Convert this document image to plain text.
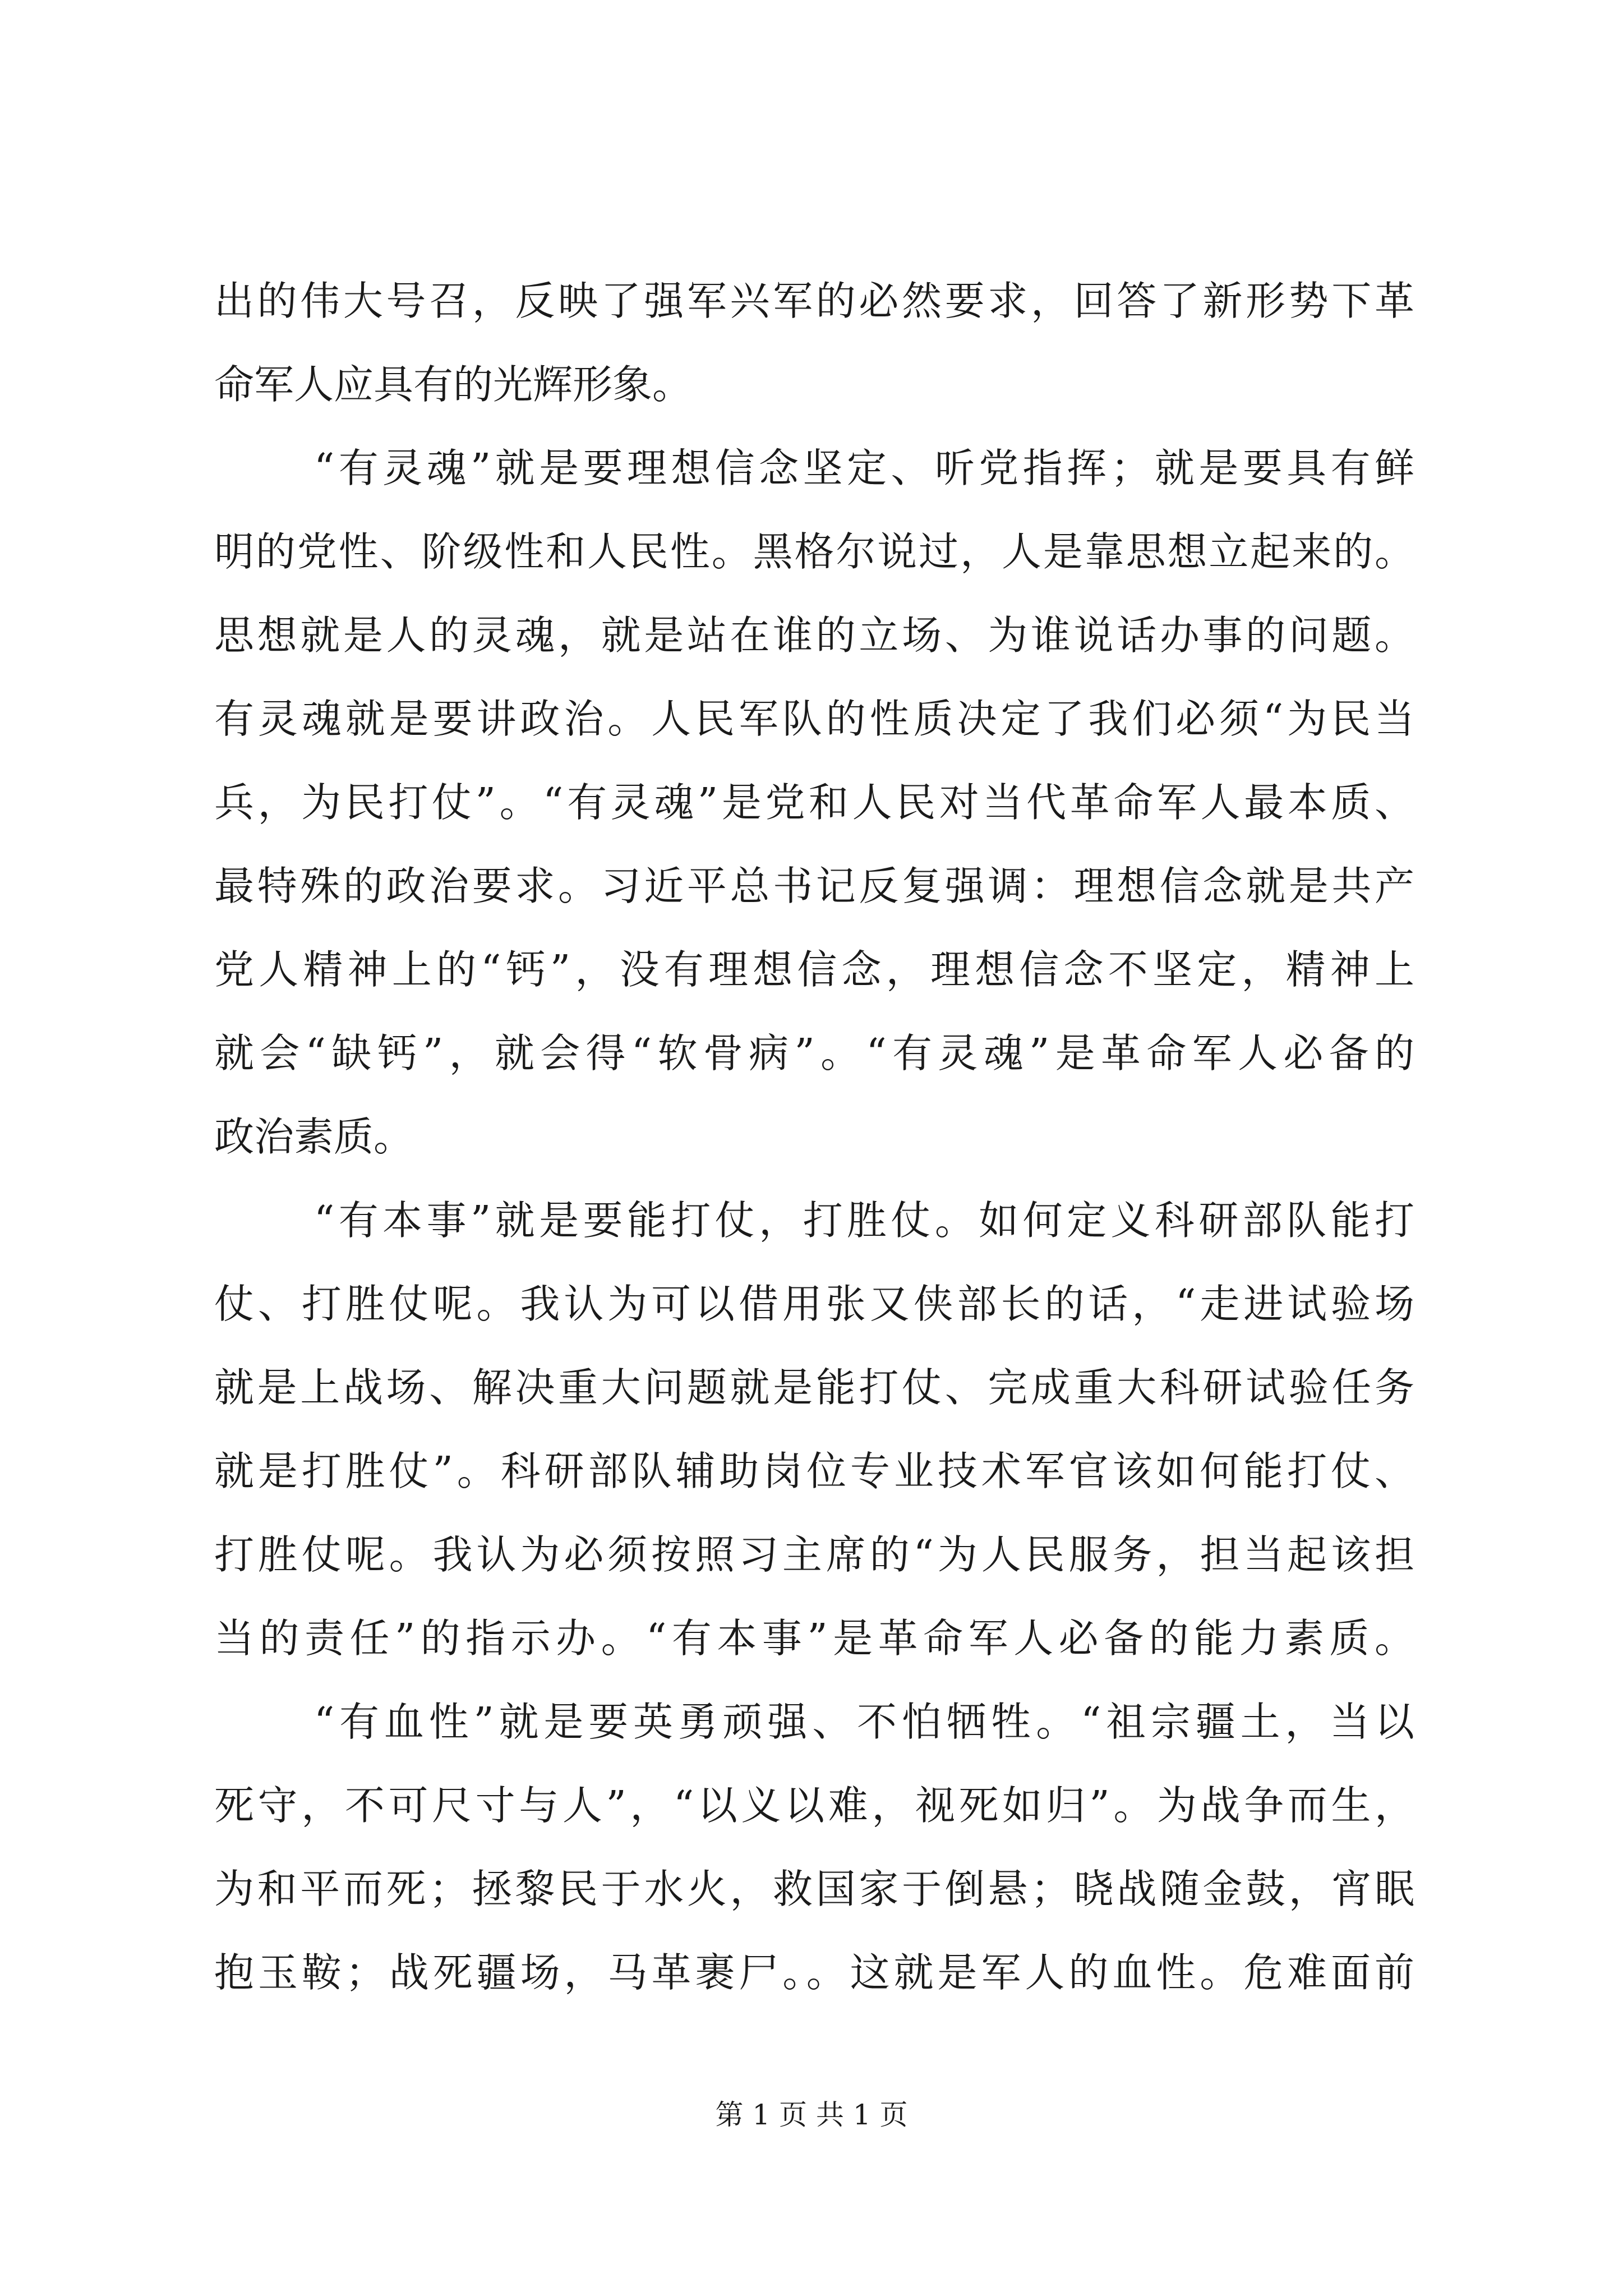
出的伟大号召，反映了强军兴军的必然要求，回答了新形势下革
命军人应具有的光辉形象。
“有灵魂”就是要理想信念坚定、听党指挥；就是要具有鲜
明的党性、阶级性和人民性。黑格尔说过，人是靠思想立起来的。
思想就是人的灵魂，就是站在谁的立场、为谁说话办事的问题。
有灵魂就是要讲政治。人民军队的性质决定了我们必须“为民当
兵，为民打仗”。“有灵魂”是党和人民对当代革命军人最本质、
最特殊的政治要求。习近平总书记反复强调：理想信念就是共产
党人精神上的“钙”，没有理想信念，理想信念不坚定，精神上
就会“缺钙”，就会得“软骨病”。“有灵魂”是革命军人必备的
政治素质。
“有本事”就是要能打仗，打胜仗。如何定义科研部队能打
仗、打胜仗呢。我认为可以借用张又侠部长的话，“走进试验场
就是上战场、解决重大问题就是能打仗、完成重大科研试验任务
就是打胜仗”。科研部队辅助岗位专业技术军官该如何能打仗、
打胜仗呢。我认为必须按照习主席的“为人民服务，担当起该担
当的责任”的指示办。“有本事”是革命军人必备的能力素质。
“有血性”就是要英勇顽强、不怕牺牲。“祖宗疆土，当以
死守，不可尺寸与人”，“以义以难，视死如归”。为战争而生，
为和平而死；拯黎民于水火，救国家于倒悬；晓战随金鼓，宵眠
抱玉鞍；战死疆场，马革裹尸。。这就是军人的血性。危难面前
第 1 页 共 1 页
